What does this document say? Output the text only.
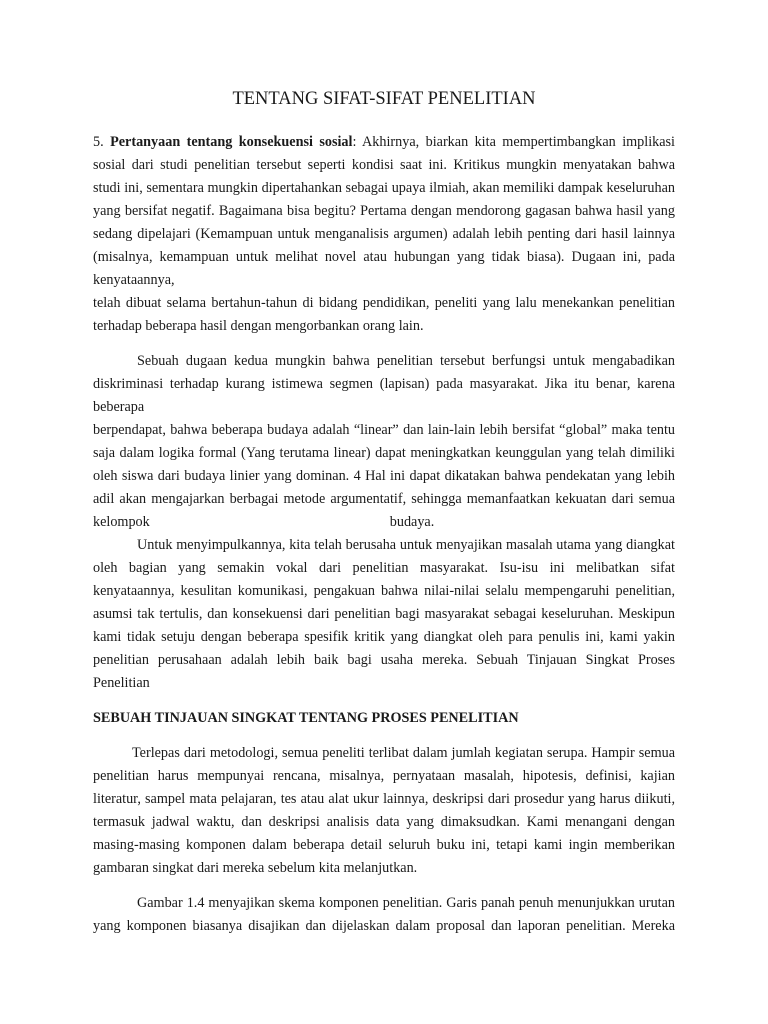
TENTANG SIFAT-SIFAT PENELITIAN
5. Pertanyaan tentang konsekuensi sosial: Akhirnya, biarkan kita mempertimbangkan implikasi
sosial dari studi penelitian tersebut seperti kondisi saat ini. Kritikus mungkin menyatakan bahwa
studi ini, sementara mungkin dipertahankan sebagai upaya ilmiah, akan memiliki dampak keseluruhan
yang bersifat negatif. Bagaimana bisa begitu? Pertama dengan mendorong gagasan bahwa hasil yang
sedang dipelajari (Kemampuan untuk menganalisis argumen) adalah lebih penting dari hasil lainnya
(misalnya, kemampuan untuk melihat novel atau hubungan yang tidak biasa). Dugaan ini, pada
kenyataannya,
telah dibuat selama bertahun-tahun di bidang pendidikan, peneliti yang lalu menekankan penelitian
terhadap beberapa hasil dengan mengorbankan orang lain.
Sebuah dugaan kedua mungkin bahwa penelitian tersebut berfungsi untuk mengabadikan
diskriminasi terhadap kurang istimewa segmen (lapisan) pada masyarakat. Jika itu benar, karena
beberapa
berpendapat, bahwa beberapa budaya adalah “linear” dan lain-lain lebih bersifat “global” maka tentu
saja dalam logika formal (Yang terutama linear) dapat meningkatkan keunggulan yang telah dimiliki
oleh siswa dari budaya linier yang dominan. 4 Hal ini dapat dikatakan bahwa pendekatan yang lebih
adil akan mengajarkan berbagai metode argumentatif, sehingga memanfaatkan kekuatan dari semua
kelompok	budaya.
Untuk menyimpulkannya, kita telah berusaha untuk menyajikan masalah utama yang diangkat
oleh bagian yang semakin vokal dari penelitian masyarakat. Isu-isu ini melibatkan sifat
kenyataannya, kesulitan komunikasi, pengakuan bahwa nilai-nilai selalu mempengaruhi penelitian,
asumsi tak tertulis, dan konsekuensi dari penelitian bagi masyarakat sebagai keseluruhan. Meskipun
kami tidak setuju dengan beberapa spesifik kritik yang diangkat oleh para penulis ini, kami yakin
penelitian perusahaan adalah lebih baik bagi usaha mereka. Sebuah Tinjauan Singkat Proses
Penelitian
SEBUAH TINJAUAN SINGKAT TENTANG PROSES PENELITIAN
Terlepas dari metodologi, semua peneliti terlibat dalam jumlah kegiatan serupa. Hampir semua
penelitian harus mempunyai rencana, misalnya, pernyataan masalah, hipotesis, definisi, kajian
literatur, sampel mata pelajaran, tes atau alat ukur lainnya, deskripsi dari prosedur yang harus diikuti,
termasuk jadwal waktu, dan deskripsi analisis data yang dimaksudkan. Kami menangani dengan
masing-masing komponen dalam beberapa detail seluruh buku ini, tetapi kami ingin memberikan
gambaran singkat dari mereka sebelum kita melanjutkan.
Gambar 1.4 menyajikan skema komponen penelitian. Garis panah penuh menunjukkan urutan
yang komponen biasanya disajikan dan dijelaskan dalam proposal dan laporan penelitian. Mereka
